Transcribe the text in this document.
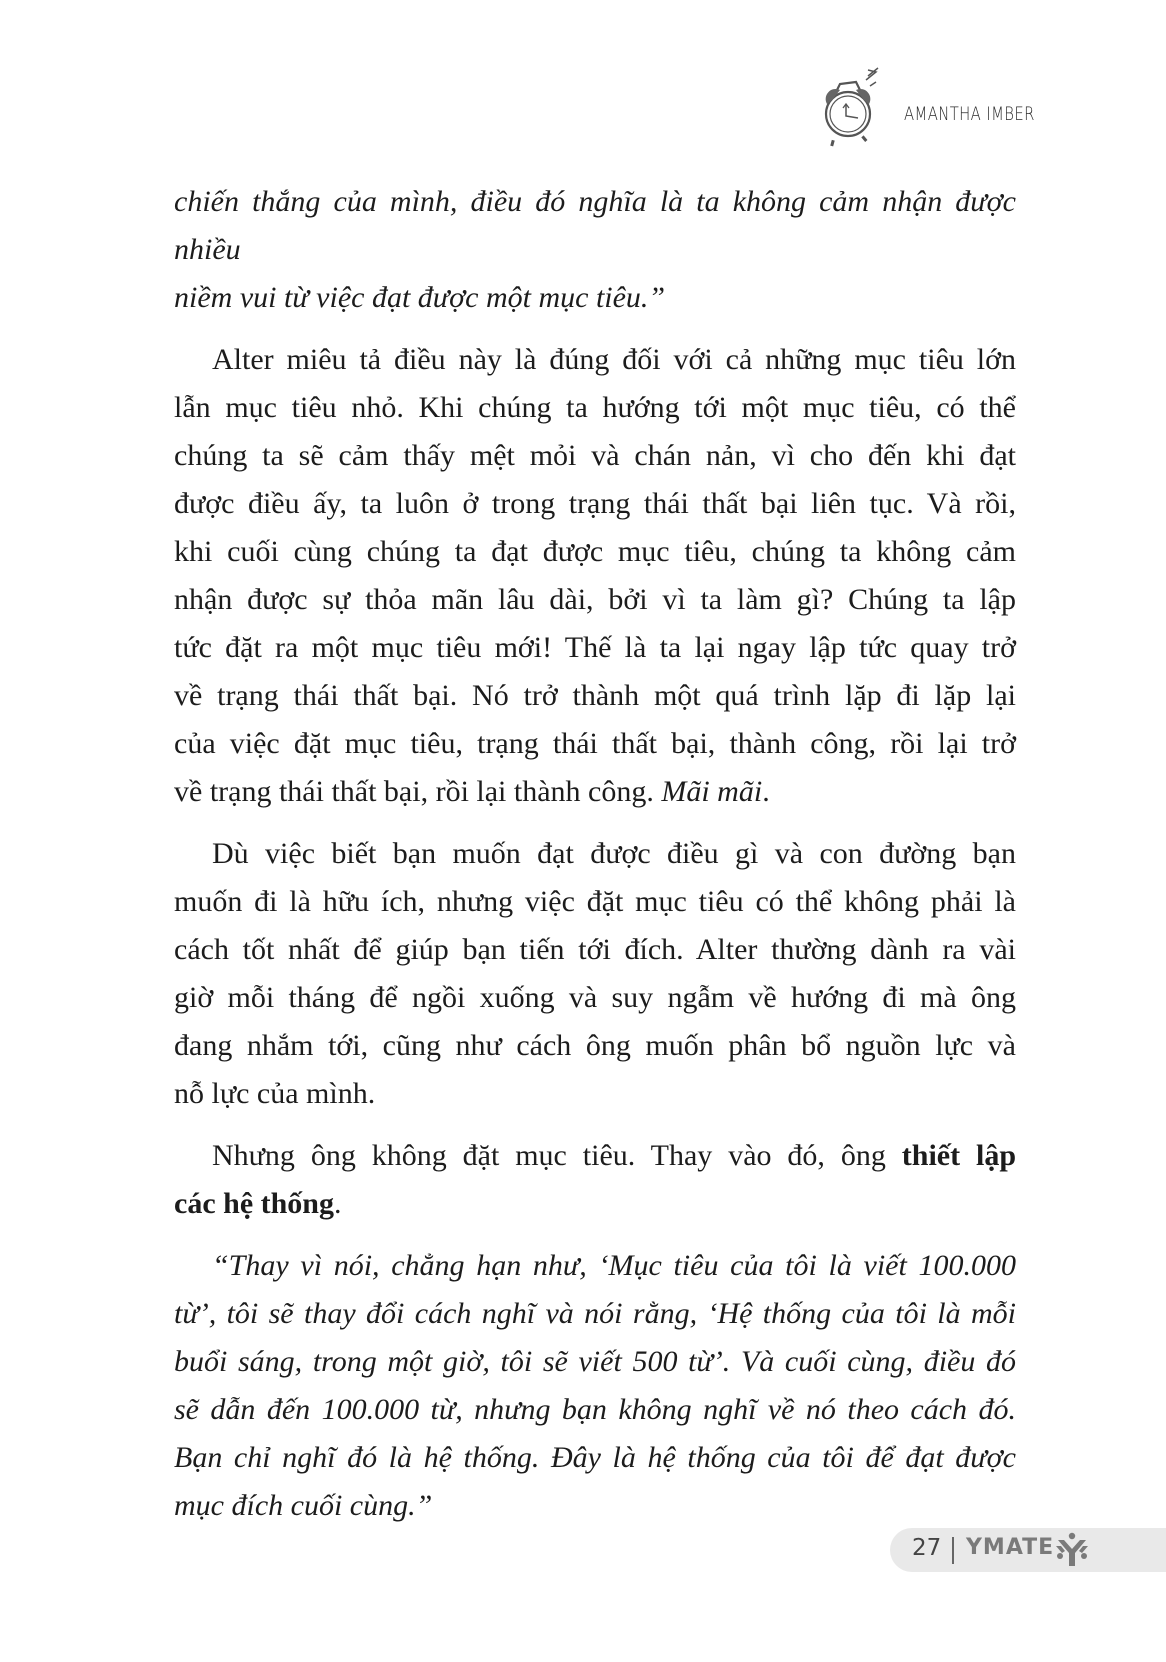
AMANTHA IMBER

chiến thắng của mình, điều đó nghĩa là ta không cảm nhận được nhiều
niềm vui từ việc đạt được một mục tiêu.”

Alter miêu tả điều này là đúng đối với cả những mục tiêu lớn
lẫn mục tiêu nhỏ. Khi chúng ta hướng tới một mục tiêu, có thể
chúng ta sẽ cảm thấy mệt mỏi và chán nản, vì cho đến khi đạt
được điều ấy, ta luôn ở trong trạng thái thất bại liên tục. Và rồi,
khi cuối cùng chúng ta đạt được mục tiêu, chúng ta không cảm
nhận được sự thỏa mãn lâu dài, bởi vì ta làm gì? Chúng ta lập
tức đặt ra một mục tiêu mới! Thế là ta lại ngay lập tức quay trở
về trạng thái thất bại. Nó trở thành một quá trình lặp đi lặp lại
của việc đặt mục tiêu, trạng thái thất bại, thành công, rồi lại trở
về trạng thái thất bại, rồi lại thành công. Mãi mãi.

Dù việc biết bạn muốn đạt được điều gì và con đường bạn
muốn đi là hữu ích, nhưng việc đặt mục tiêu có thể không phải là
cách tốt nhất để giúp bạn tiến tới đích. Alter thường dành ra vài
giờ mỗi tháng để ngồi xuống và suy ngẫm về hướng đi mà ông
đang nhắm tới, cũng như cách ông muốn phân bổ nguồn lực và
nỗ lực của mình.

Nhưng ông không đặt mục tiêu. Thay vào đó, ông thiết lập
các hệ thống.

“Thay vì nói, chẳng hạn như, ‘Mục tiêu của tôi là viết 100.000
từ’, tôi sẽ thay đổi cách nghĩ và nói rằng, ‘Hệ thống của tôi là mỗi
buổi sáng, trong một giờ, tôi sẽ viết 500 từ’. Và cuối cùng, điều đó
sẽ dẫn đến 100.000 từ, nhưng bạn không nghĩ về nó theo cách đó.
Bạn chỉ nghĩ đó là hệ thống. Đây là hệ thống của tôi để đạt được
mục đích cuối cùng.”

27 YMATE
